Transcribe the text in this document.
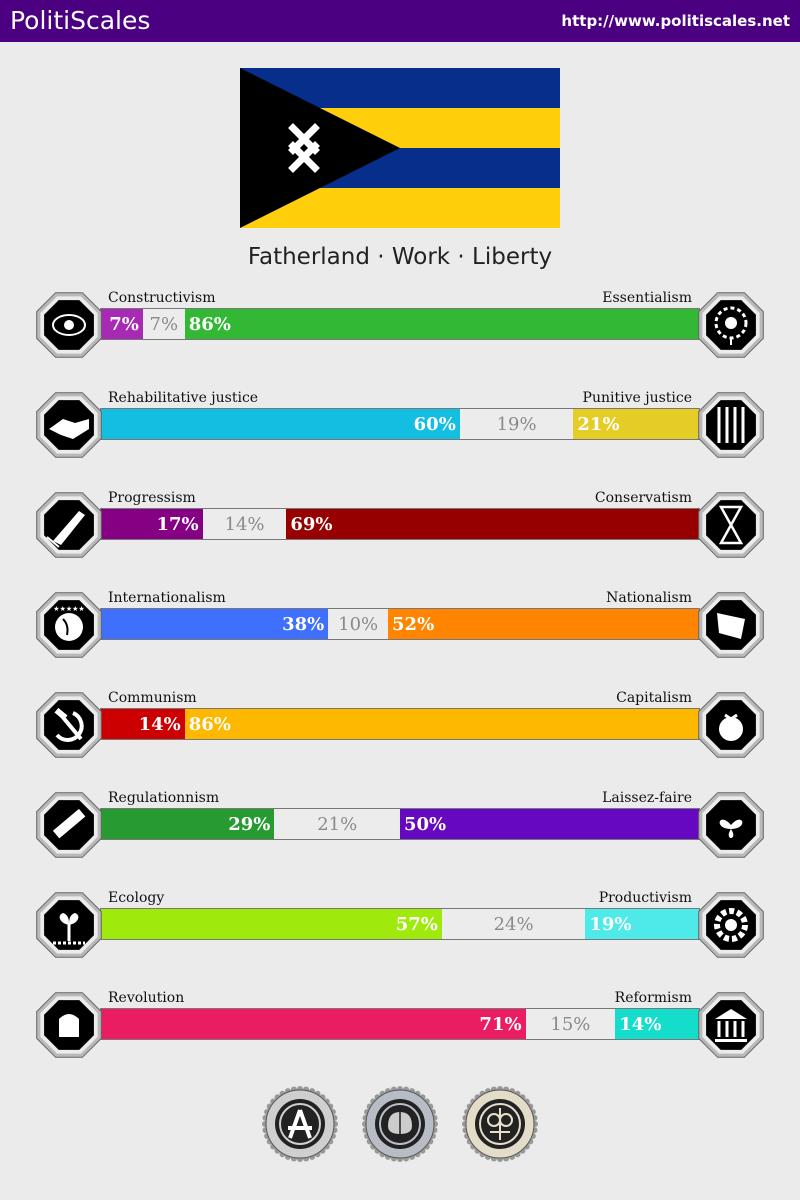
PolitiScales	http://www.politiscales.net
Fatherland · Work · Liberty
Constructivism	Essentialism
7% 7% 86%
Rehabilitative justice	Punitive justice
60%	19%	21%
Progressism	Conservatism
17%	14%	69%
Internationalism	Nationalism
38% 10% 52%
★★★★★
Communism	Capitalism
14% 86%
Regulationnism	Laissez-faire
29%	21%	50%
Ecology	Productivism
57%	24%	19%
Revolution	Reformism
71%	15%	14%
